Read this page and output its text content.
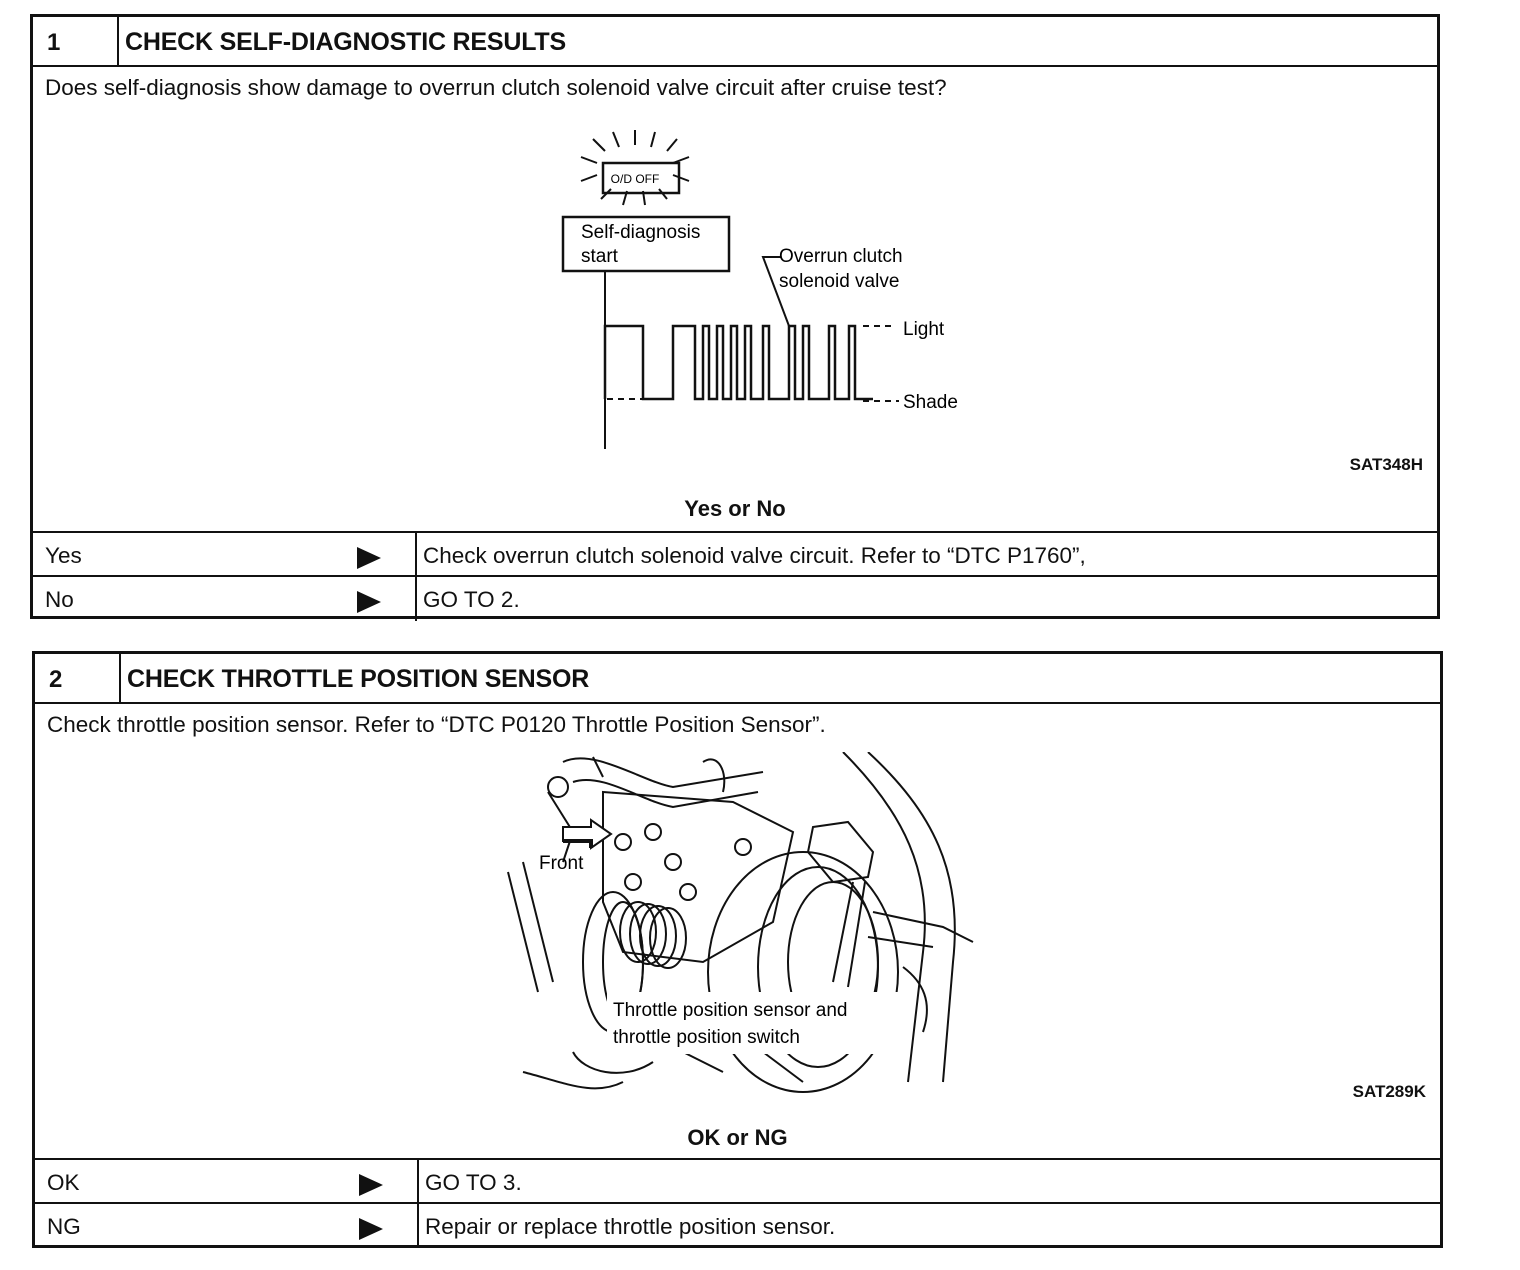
1	CHECK SELF-DIAGNOSTIC RESULTS
Does self-diagnosis show damage to overrun clutch solenoid valve circuit after cruise test?
O/D OFF
Self-diagnosis
start	Overrun clutch
solenoid valve
Light
Shade
SAT348H
Yes or No
Yes	Check overrun clutch solenoid valve circuit. Refer to “DTC P1760”,
No	GO TO 2.
2	CHECK THROTTLE POSITION SENSOR
Check throttle position sensor. Refer to “DTC P0120 Throttle Position Sensor”.
Front
Throttle position sensor and
throttle position switch
SAT289K
OK or NG
OK	GO TO 3.
NG	Repair or replace throttle position sensor.
